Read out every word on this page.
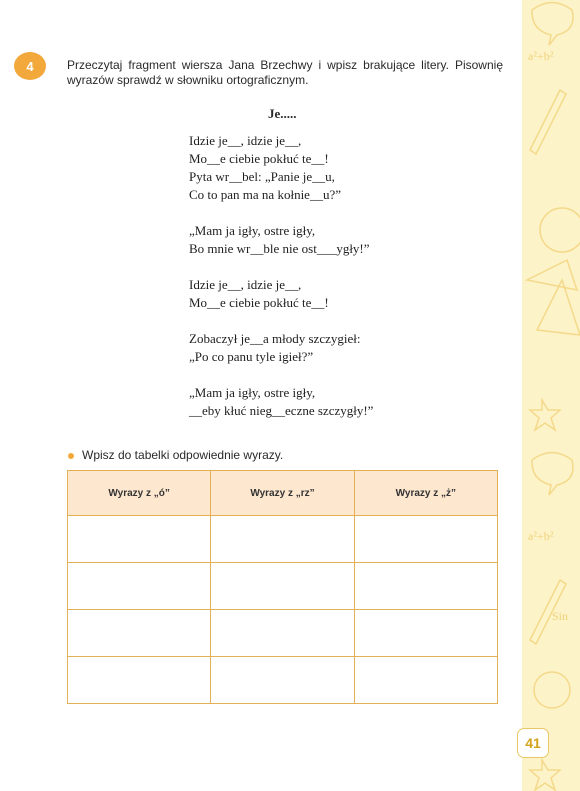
a²+b²
a²+b²
Sin
41
4	Przeczytaj fragment wiersza Jana Brzechwy i wpisz brakujące litery. Pisownię wyrazów sprawdź w słowniku ortograficznym.
Je.....
Idzie je__, idzie je__,
Mo__e ciebie pokłuć te__!
Pyta wr__bel: „Panie je__u,
Co to pan ma na kołnie__u?”
„Mam ja igły, ostre igły,
Bo mnie wr__ble nie ost___ygły!”
Idzie je__, idzie je__,
Mo__e ciebie pokłuć te__!
Zobaczył je__a młody szczygieł:
„Po co panu tyle igieł?”
„Mam ja igły, ostre igły,
__eby kłuć nieg__eczne szczygły!”
Wpisz do tabelki odpowiednie wyrazy.
Wyrazy z „ó”	Wyrazy z „rz”	Wyrazy z „ż”
